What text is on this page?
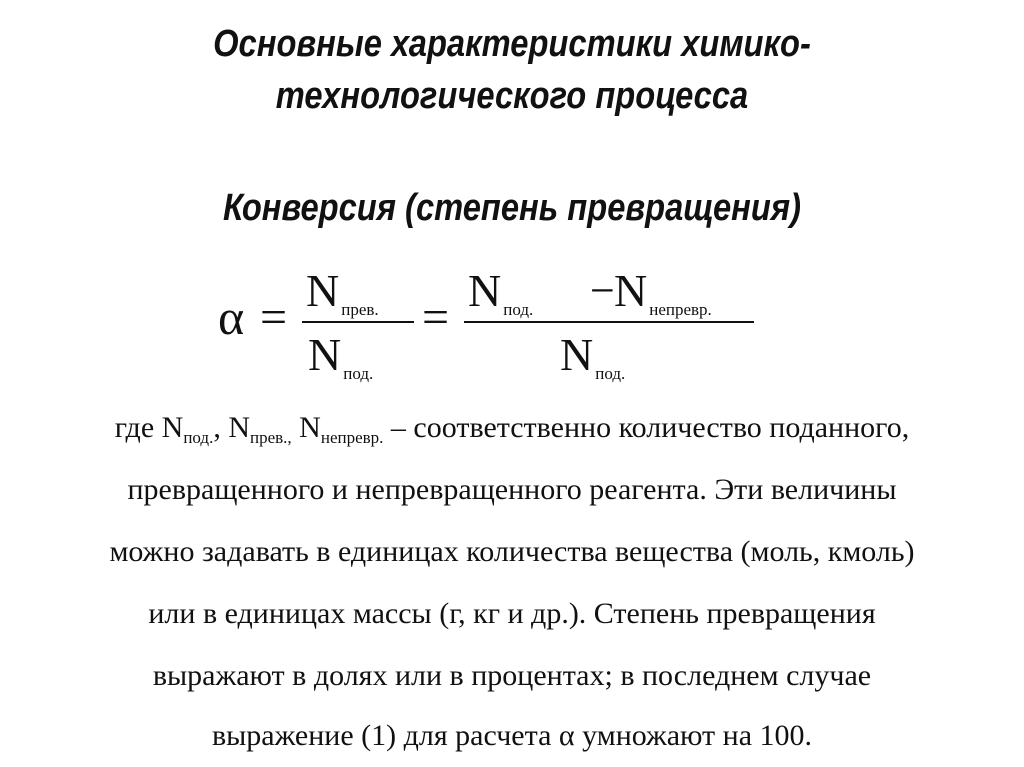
Основные характеристики химико-
технологического процесса
Конверсия (степень превращения)
α =
N $_{прев.}$
N $_{под.}$
=
N $_{под.}$ − N $_{непревр.}$
N $_{под.}$
где $N_{под.}$, $N_{прев.,}$ $N_{непревр.}$ – соответственно количество поданного,
превращенного и непревращенного реагента. Эти величины
можно задавать в единицах количества вещества (моль, кмоль)
или в единицах массы (г, кг и др.). Степень превращения
выражают в долях или в процентах; в последнем случае
выражение (1) для расчета α умножают на 100.
